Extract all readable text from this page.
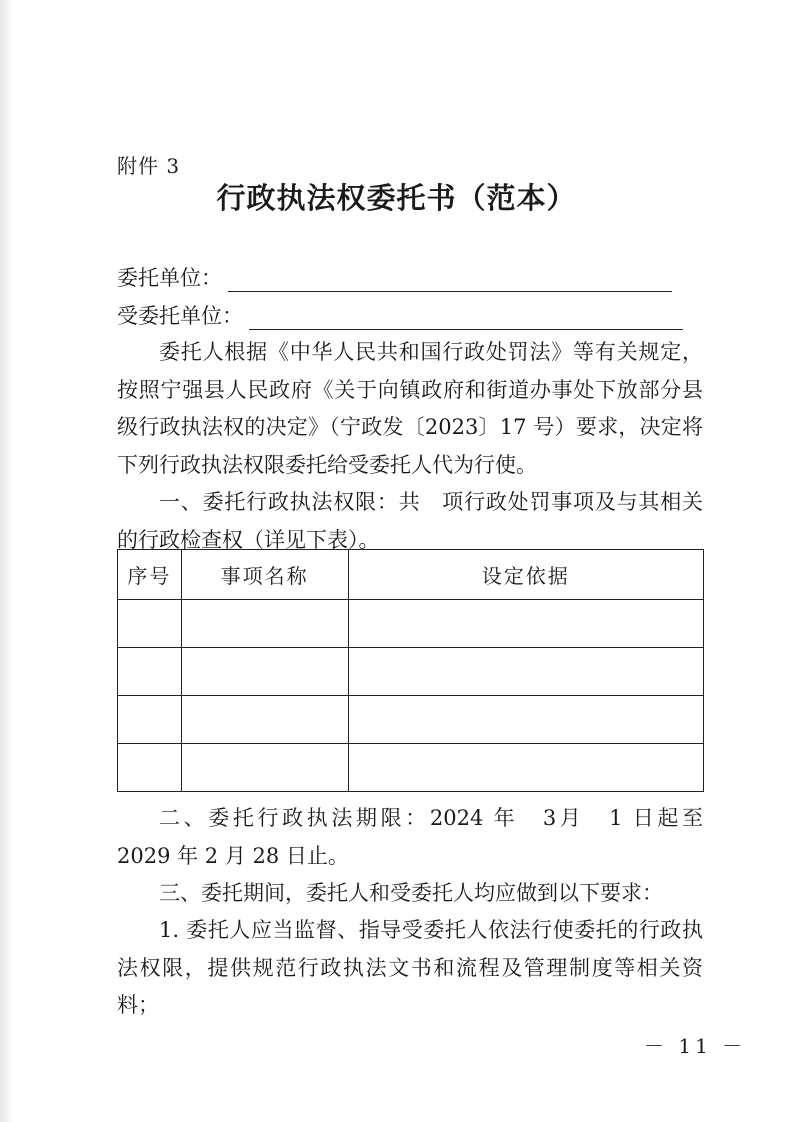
附件 3
行政执法权委托书（范本）
委托单位：
受委托单位：

委托人根据《中华人民共和国行政处罚法》等有关规定，按照宁强县人民政府《关于向镇政府和街道办事处下放部分县级行政执法权的决定》（宁政发〔2023〕17 号）要求，决定将下列行政执法权限委托给受委托人代为行使。

一、委托行政执法权限：共　项行政处罚事项及与其相关的行政检查权（详见下表）。

序号	事项名称	设定依据

二、委托行政执法期限：2024 年　3月　1 日起至　2029 年 2 月 28 日止。

三、委托期间，委托人和受委托人均应做到以下要求：

1. 委托人应当监督、指导受委托人依法行使委托的行政执法权限，提供规范行政执法文书和流程及管理制度等相关资料；

－ 11 －
